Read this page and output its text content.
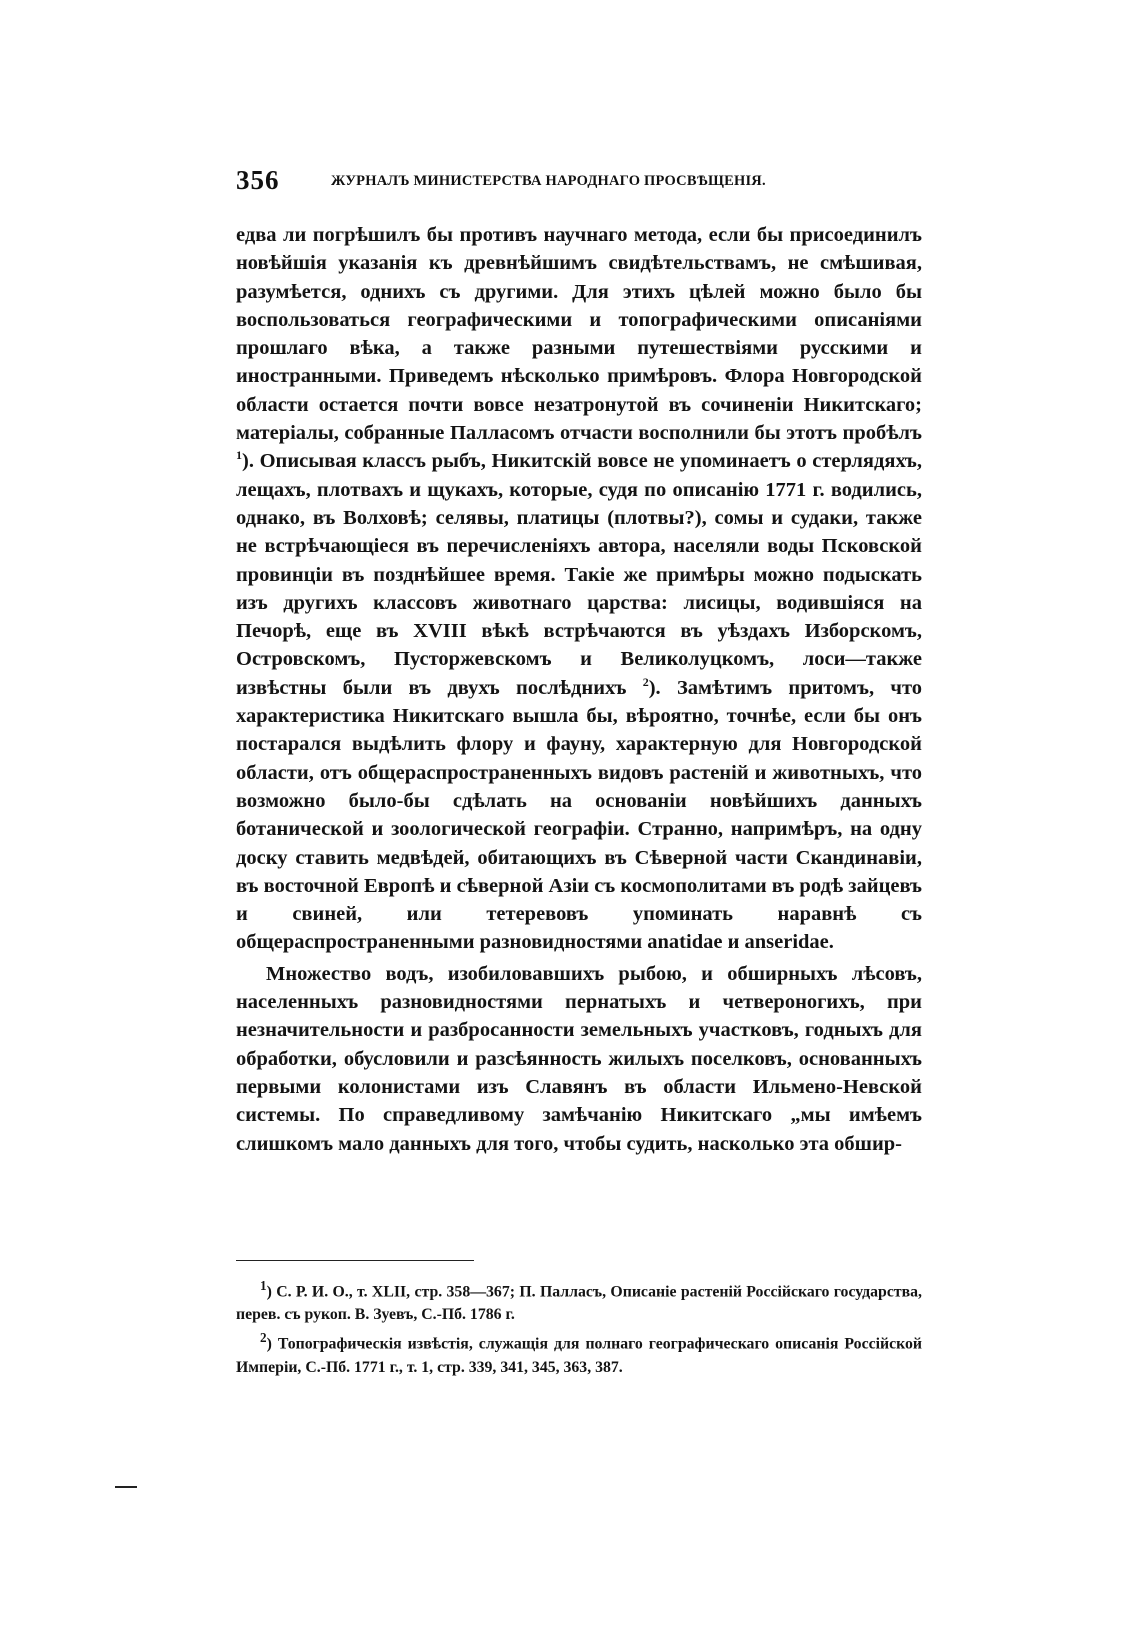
356	ЖУРНАЛЪ МИНИСТЕРСТВА НАРОДНАГО ПРОСВѢЩЕНІЯ.

едва ли погрѣшилъ бы противъ научнаго метода, если бы присоединилъ новѣйшія указанія къ древнѣйшимъ свидѣтельствамъ, не смѣшивая, разумѣется, однихъ съ другими. Для этихъ цѣлей можно было бы воспользоваться географическими и топографическими описаніями прошлаго вѣка, а также разными путешествіями русскими и иностранными. Приведемъ нѣсколько примѣровъ. Флора Новгородской области остается почти вовсе незатронутой въ сочиненіи Никитскаго; матеріалы, собранные Палласомъ отчасти восполнили бы этотъ пробѣлъ $^1$). Описывая классъ рыбъ, Никитскій вовсе не упоминаетъ о стерлядяхъ, лещахъ, плотвахъ и щукахъ, которые, судя по описанію 1771 г. водились, однако, въ Волховѣ; селявы, платицы (плотвы?), сомы и судаки, также не встрѣчающіеся въ перечисленіяхъ автора, населяли воды Псковской провинціи въ позднѣйшее время. Такіе же примѣры можно подыскать изъ другихъ классовъ животнаго царства: лисицы, водившіяся на Печорѣ, еще въ XVIII вѣкѣ встрѣчаются въ уѣздахъ Изборскомъ, Островскомъ, Пусторжевскомъ и Великолуцкомъ, лоси—также извѣстны были въ двухъ послѣднихъ $^2$). Замѣтимъ притомъ, что характеристика Никитскаго вышла бы, вѣроятно, точнѣе, если бы онъ постарался выдѣлить флору и фауну, характерную для Новгородской области, отъ общераспространенныхъ видовъ растеній и животныхъ, что возможно было-бы сдѣлать на основаніи новѣйшихъ данныхъ ботанической и зоологической географіи. Странно, напримѣръ, на одну доску ставить медвѣдей, обитающихъ въ Сѣверной части Скандинавіи, въ восточной Европѣ и сѣверной Азіи съ космополитами въ родѣ зайцевъ и свиней, или тетеревовъ упоминать наравнѣ съ общераспространенными разновидностями anatidae и anseridae.

Множество водъ, изобиловавшихъ рыбою, и обширныхъ лѣсовъ, населенныхъ разновидностями пернатыхъ и четвероногихъ, при незначительности и разбросанности земельныхъ участковъ, годныхъ для обработки, обусловили и разсѣянность жилыхъ поселковъ, основанныхъ первыми колонистами изъ Славянъ въ области Ильмено-Невской системы. По справедливому замѣчанію Никитскаго „мы имѣемъ слишкомъ мало данныхъ для того, чтобы судить, насколько эта обшир-

$^1$) С. Р. И. О., т. XLII, стр. 358—367; П. Палласъ, Описаніе растеній Россійскаго государства, перев. съ рукоп. В. Зуевъ, С.-Пб. 1786 г.

$^2$) Топографическія извѣстія, служащія для полнаго географическаго описанія Россійской Имперіи, С.-Пб. 1771 г., т. 1, стр. 339, 341, 345, 363, 387.
